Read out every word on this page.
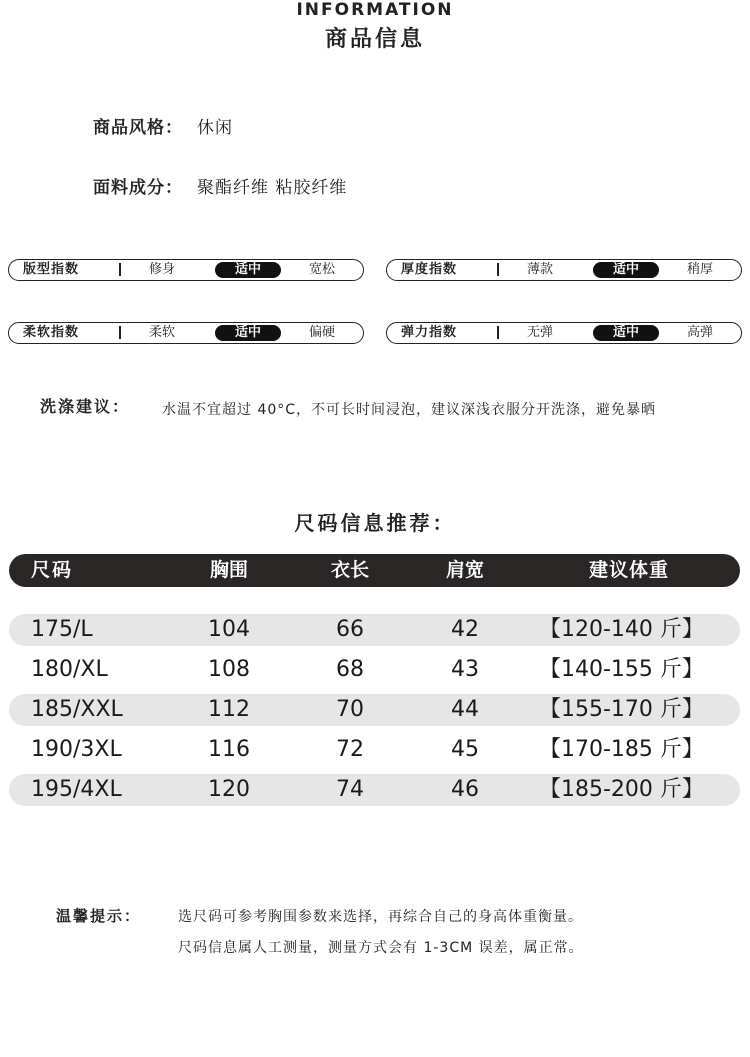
INFORMATION
商品信息
商品风格： 休闲
面料成分： 聚酯纤维 粘胶纤维
版型指数	修身	适中	宽松	厚度指数	薄款	适中	稍厚
柔软指数	柔软	适中	偏硬	弹力指数	无弹	适中	高弹
洗涤建议： 水温不宜超过 40°C，不可长时间浸泡，建议深浅衣服分开洗涤，避免暴晒
尺码信息推荐：
尺码	胸围	衣长	肩宽	建议体重
175/L	104	66	42	【120-140 斤】
180/XL	108	68	43	【140-155 斤】
185/XXL	112	70	44	【155-170 斤】
190/3XL	116	72	45	【170-185 斤】
195/4XL	120	74	46	【185-200 斤】
温馨提示：	选尺码可参考胸围参数来选择，再综合自己的身高体重衡量。
尺码信息属人工测量，测量方式会有 1-3CM 误差，属正常。
